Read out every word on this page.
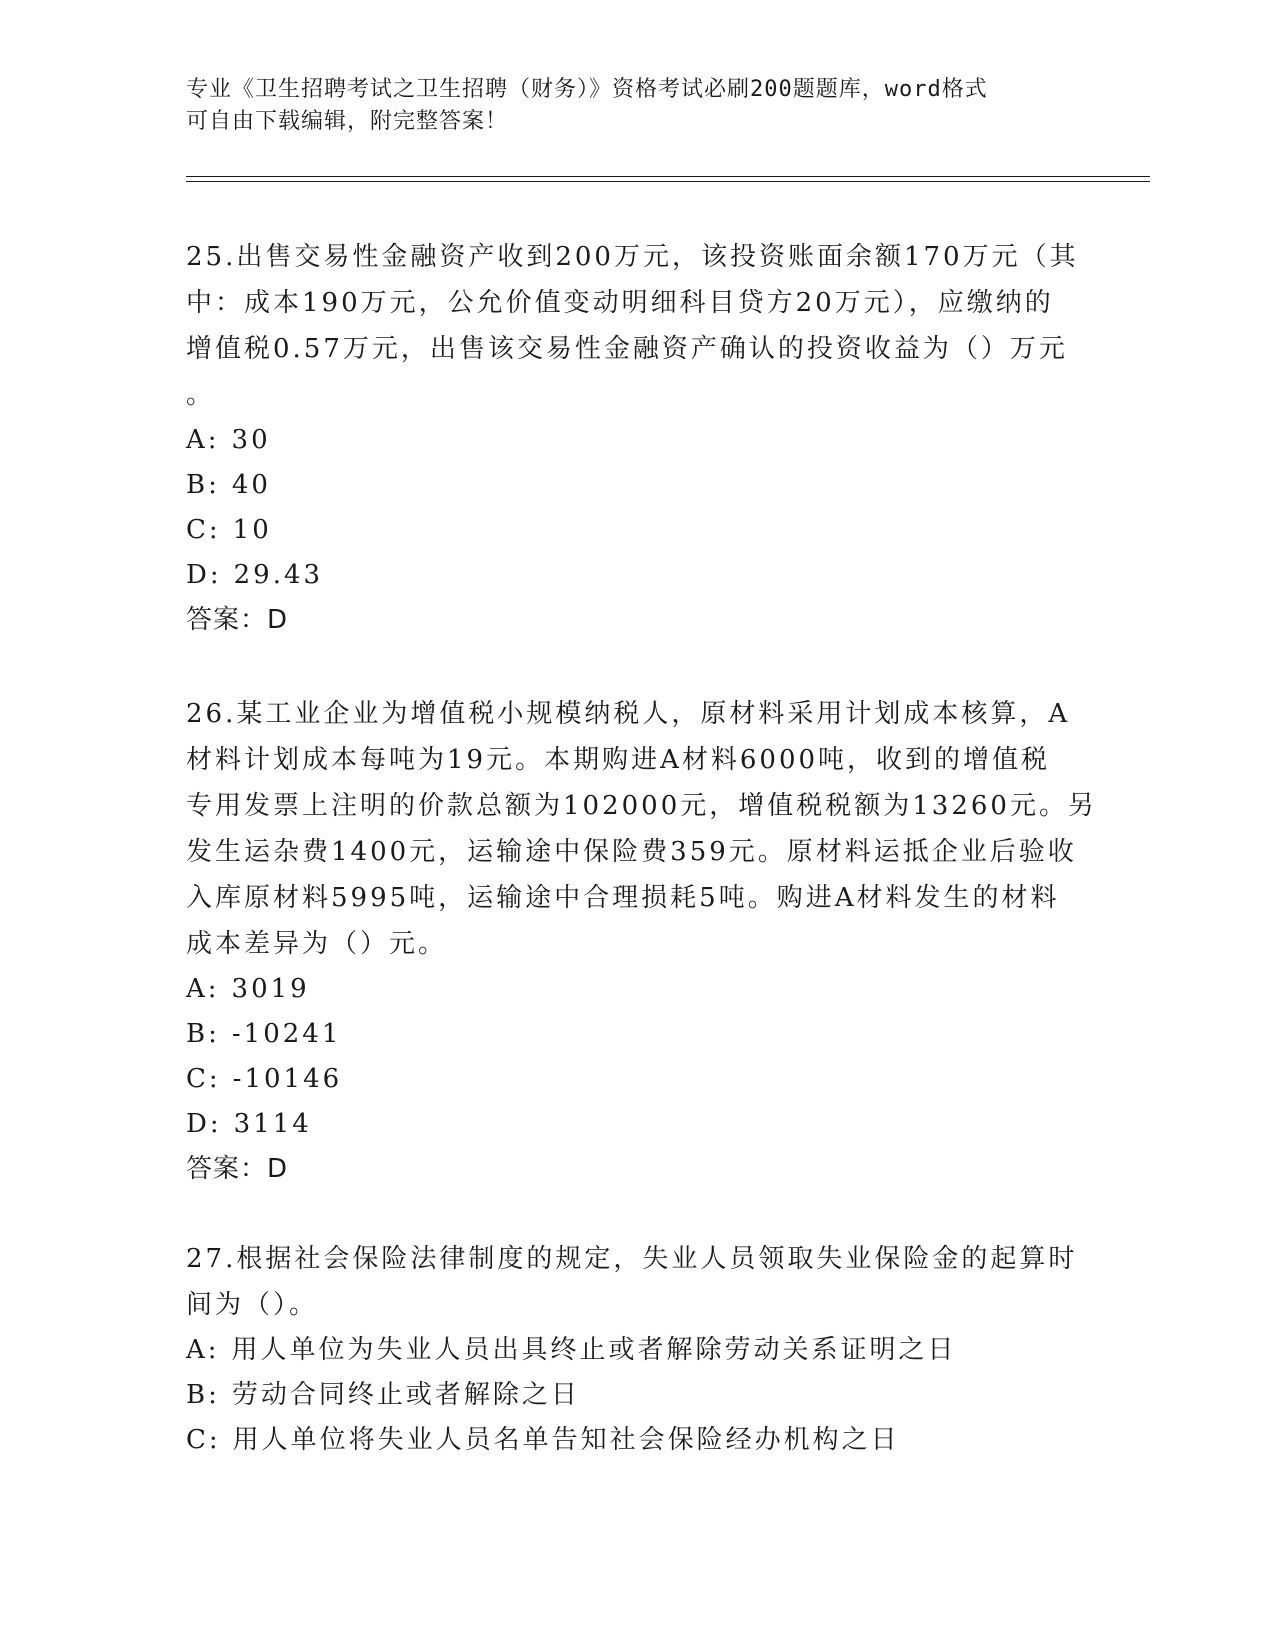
专业《卫生招聘考试之卫生招聘（财务）》资格考试必刷200题题库，word格式
可自由下载编辑，附完整答案！
25.出售交易性金融资产收到200万元，该投资账面余额170万元（其
中：成本190万元，公允价值变动明细科目贷方20万元），应缴纳的
增值税0.57万元，出售该交易性金融资产确认的投资收益为（）万元
。
A: 30
B: 40
C: 10
D: 29.43
答案：D
26.某工业企业为增值税小规模纳税人，原材料采用计划成本核算，A
材料计划成本每吨为19元。本期购进A材料6000吨，收到的增值税
专用发票上注明的价款总额为102000元，增值税税额为13260元。另
发生运杂费1400元，运输途中保险费359元。原材料运抵企业后验收
入库原材料5995吨，运输途中合理损耗5吨。购进A材料发生的材料
成本差异为（）元。
A: 3019
B: -10241
C: -10146
D: 3114
答案：D
27.根据社会保险法律制度的规定，失业人员领取失业保险金的起算时
间为（）。
A: 用人单位为失业人员出具终止或者解除劳动关系证明之日
B: 劳动合同终止或者解除之日
C: 用人单位将失业人员名单告知社会保险经办机构之日
